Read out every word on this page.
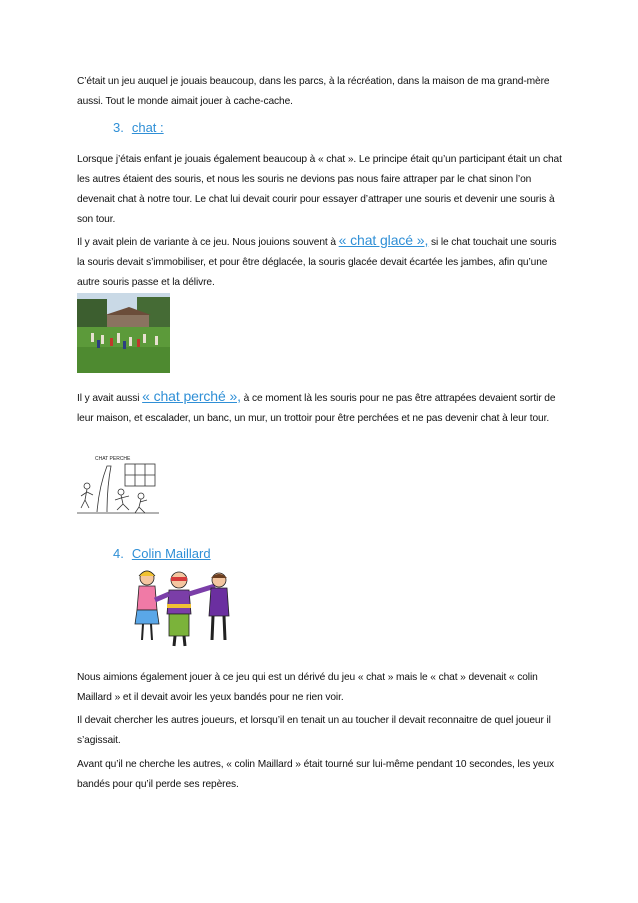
C’était un jeu auquel je jouais beaucoup, dans les parcs, à la récréation, dans la maison de ma grand-mère aussi. Tout le monde aimait jouer à cache-cache.
3. chat :
Lorsque j’étais enfant je jouais également beaucoup à « chat ». Le principe était qu’un participant était un chat les autres étaient des souris, et nous les souris ne devions pas nous faire attraper par le chat sinon l’on devenait chat à notre tour. Le chat lui devait courir pour essayer d’attraper une souris et devenir une souris à son tour.
Il y avait plein de variante à ce jeu. Nous jouions souvent à « chat glacé », si le chat touchait une souris la souris devait s’immobiliser, et pour être déglacée, la souris glacée devait écartée les jambes, afin qu’une autre souris passe et la délivre.
Il y avait aussi « chat perché », à ce moment là les souris pour ne pas être attrapées devaient sortir de leur maison, et escalader, un banc, un mur, un trottoir pour être perchées et ne pas devenir chat à leur tour.
CHAT PERCHE
4. Colin Maillard
Nous aimions également jouer à ce jeu qui est un dérivé du jeu « chat » mais le « chat » devenait « colin Maillard » et il devait avoir les yeux bandés pour ne rien voir.
Il devait chercher les autres joueurs, et lorsqu’il en tenait un au toucher il devait reconnaitre de quel joueur il s’agissait.
Avant qu’il ne cherche les autres, « colin Maillard » était tourné sur lui-même pendant 10 secondes, les yeux bandés pour qu’il perde ses repères.
